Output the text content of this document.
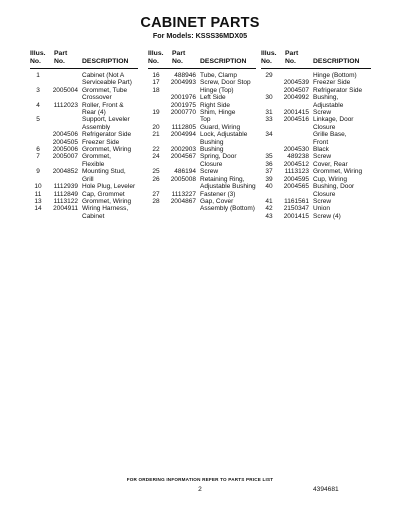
CABINET PARTS
For Models: KSSS36MDX05
Illus.
No.
Part
No.	DESCRIPTION
1	Cabinet (Not A
Serviceable Part)
3	2005004 Grommet, Tube
Crossover
4	1112023 Roller, Front &
Rear (4)
5	Support, Leveler
Assembly
2004506 Refrigerator Side
2004505 Freezer Side
6	2005006 Grommet, Wiring
7	2005007 Grommet,
Flexible
9	2004852 Mounting Stud,
Grill
10	1112939 Hole Plug, Leveler
11	1112849 Cap, Grommet
13	1113122 Grommet, Wiring
14	2004911 Wiring Harness,
Cabinet
Illus.
No.
Part
No.	DESCRIPTION
16	488946 Tube, Clamp
17	2004993 Screw, Door Stop
18	Hinge (Top)
2001976 Left Side
2001975 Right Side
19	2000770 Shim, Hinge
Top
20	1112805 Guard, Wiring
21	2004994 Lock, Adjustable
Bushing
22	2002903 Bushing
24	2004567 Spring, Door
Closure
25	486194 Screw
26	2005008 Retaining Ring,
Adjustable Bushing
27	1113227 Fastener (3)
28	2004867 Gap, Cover
Assembly (Bottom)
Illus.
No.
Part
No.	DESCRIPTION
29	Hinge (Bottom)
2004539 Freezer Side
2004507 Refrigerator Side
30	2004992 Bushing,
Adjustable
31	2001415 Screw
33	2004516 Linkage, Door
Closure
34	Grille Base,
Front
2004530 Black
35	489238 Screw
36	2004512 Cover, Rear
37	1113123 Grommet, Wiring
39	2004595 Cup, Wiring
40	2004565 Bushing, Door
Closure
41	1161561 Screw
42	2150347 Union
43	2001415 Screw (4)
FOR ORDERING INFORMATION REFER TO PARTS PRICE LIST
2	4394681
